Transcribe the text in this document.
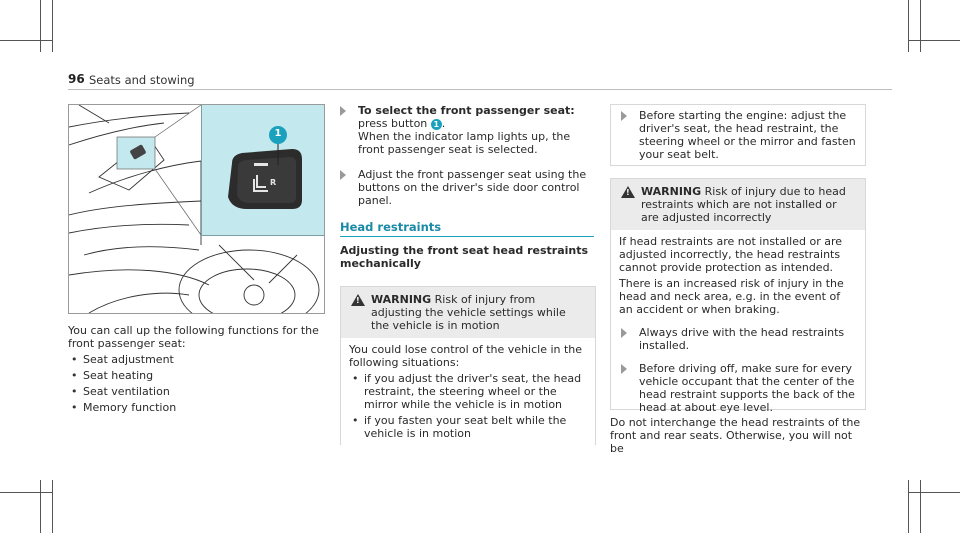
96 Seats and stowing
1
R
You can call up the following functions for the front passenger seat:
• Seat adjustment
• Seat heating
• Seat ventilation
• Memory function
To select the front passenger seat: press button 1 .
When the indicator lamp lights up, the front passenger seat is selected.
Adjust the front passenger seat using the buttons on the driver's side door control panel.
Head restraints
Adjusting the front seat head restraints mechanically
!
WARNING Risk of injury from adjusting the vehicle settings while the vehicle is in motion
You could lose control of the vehicle in the following situations:
• if you adjust the driver's seat, the head restraint, the steering wheel or the mirror while the vehicle is in motion
• if you fasten your seat belt while the vehicle is in motion
Before starting the engine: adjust the driver's seat, the head restraint, the steering wheel or the mirror and fasten your seat belt.
!
WARNING Risk of injury due to head restraints which are not installed or are adjusted incorrectly
If head restraints are not installed or are adjusted incorrectly, the head restraints cannot provide protection as intended.
There is an increased risk of injury in the head and neck area, e.g. in the event of an accident or when braking.
Always drive with the head restraints installed.
Before driving off, make sure for every vehicle occupant that the center of the head restraint supports the back of the head at about eye level.
Do not interchange the head restraints of the front and rear seats. Otherwise, you will not be
